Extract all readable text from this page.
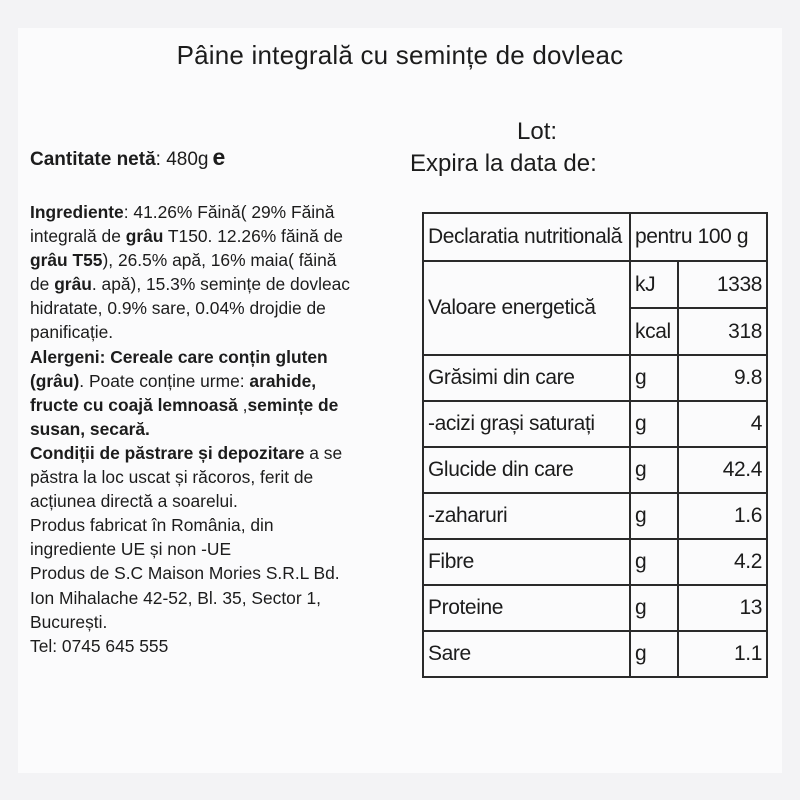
Pâine integrală cu semințe de dovleac
Cantitate netă: 480g e
Lot:
Expira la data de:
Ingrediente: 41.26% Făină( 29% Făină
integrală de grâu T150. 12.26% făină de
grâu T55), 26.5% apă, 16% maia( făină
de grâu. apă), 15.3% semințe de dovleac
hidratate, 0.9% sare, 0.04% drojdie de
panificație.
Alergeni: Cereale care conțin gluten
(grâu). Poate conține urme: arahide,
fructe cu coajă lemnoasă ,semințe de
susan, secară.
Condiții de păstrare și depozitare a se
păstra la loc uscat și răcoros, ferit de
acțiunea directă a soarelui.
Produs fabricat în România, din
ingrediente UE și non -UE
Produs de S.C Maison Mories S.R.L Bd.
Ion Mihalache 42-52, Bl. 35, Sector 1,
București.
Tel: 0745 645 555
Declaratia nutritională	pentru 100 g	
Valoare energetică	kJ	1338
	kcal	318
Grăsimi din care	g	9.8
-acizi grași saturați	g	4
Glucide din care	g	42.4
-zaharuri	g	1.6
Fibre	g	4.2
Proteine	g	13
Sare	g	1.1
